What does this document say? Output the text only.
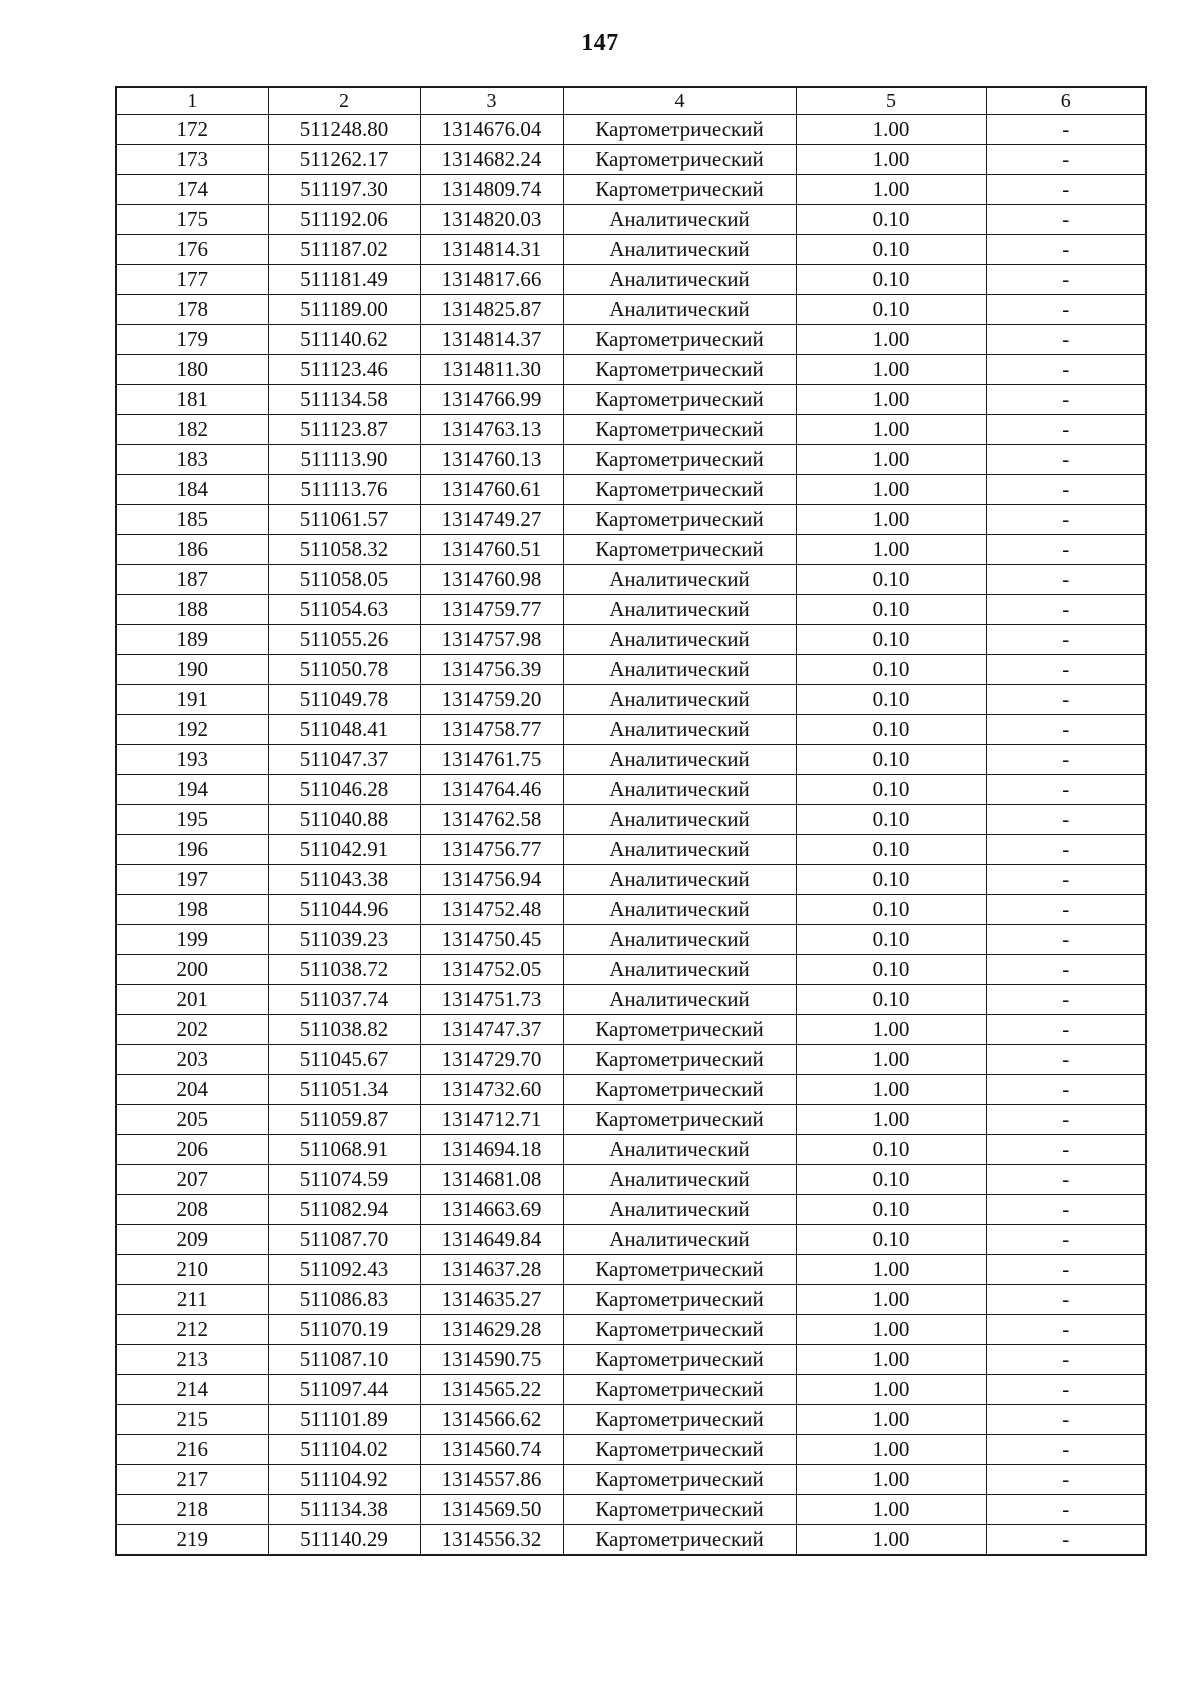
147
1	2	3	4	5	6
172	511248.80	1314676.04	Картометрический	1.00	-
173	511262.17	1314682.24	Картометрический	1.00	-
174	511197.30	1314809.74	Картометрический	1.00	-
175	511192.06	1314820.03	Аналитический	0.10	-
176	511187.02	1314814.31	Аналитический	0.10	-
177	511181.49	1314817.66	Аналитический	0.10	-
178	511189.00	1314825.87	Аналитический	0.10	-
179	511140.62	1314814.37	Картометрический	1.00	-
180	511123.46	1314811.30	Картометрический	1.00	-
181	511134.58	1314766.99	Картометрический	1.00	-
182	511123.87	1314763.13	Картометрический	1.00	-
183	511113.90	1314760.13	Картометрический	1.00	-
184	511113.76	1314760.61	Картометрический	1.00	-
185	511061.57	1314749.27	Картометрический	1.00	-
186	511058.32	1314760.51	Картометрический	1.00	-
187	511058.05	1314760.98	Аналитический	0.10	-
188	511054.63	1314759.77	Аналитический	0.10	-
189	511055.26	1314757.98	Аналитический	0.10	-
190	511050.78	1314756.39	Аналитический	0.10	-
191	511049.78	1314759.20	Аналитический	0.10	-
192	511048.41	1314758.77	Аналитический	0.10	-
193	511047.37	1314761.75	Аналитический	0.10	-
194	511046.28	1314764.46	Аналитический	0.10	-
195	511040.88	1314762.58	Аналитический	0.10	-
196	511042.91	1314756.77	Аналитический	0.10	-
197	511043.38	1314756.94	Аналитический	0.10	-
198	511044.96	1314752.48	Аналитический	0.10	-
199	511039.23	1314750.45	Аналитический	0.10	-
200	511038.72	1314752.05	Аналитический	0.10	-
201	511037.74	1314751.73	Аналитический	0.10	-
202	511038.82	1314747.37	Картометрический	1.00	-
203	511045.67	1314729.70	Картометрический	1.00	-
204	511051.34	1314732.60	Картометрический	1.00	-
205	511059.87	1314712.71	Картометрический	1.00	-
206	511068.91	1314694.18	Аналитический	0.10	-
207	511074.59	1314681.08	Аналитический	0.10	-
208	511082.94	1314663.69	Аналитический	0.10	-
209	511087.70	1314649.84	Аналитический	0.10	-
210	511092.43	1314637.28	Картометрический	1.00	-
211	511086.83	1314635.27	Картометрический	1.00	-
212	511070.19	1314629.28	Картометрический	1.00	-
213	511087.10	1314590.75	Картометрический	1.00	-
214	511097.44	1314565.22	Картометрический	1.00	-
215	511101.89	1314566.62	Картометрический	1.00	-
216	511104.02	1314560.74	Картометрический	1.00	-
217	511104.92	1314557.86	Картометрический	1.00	-
218	511134.38	1314569.50	Картометрический	1.00	-
219	511140.29	1314556.32	Картометрический	1.00	-
